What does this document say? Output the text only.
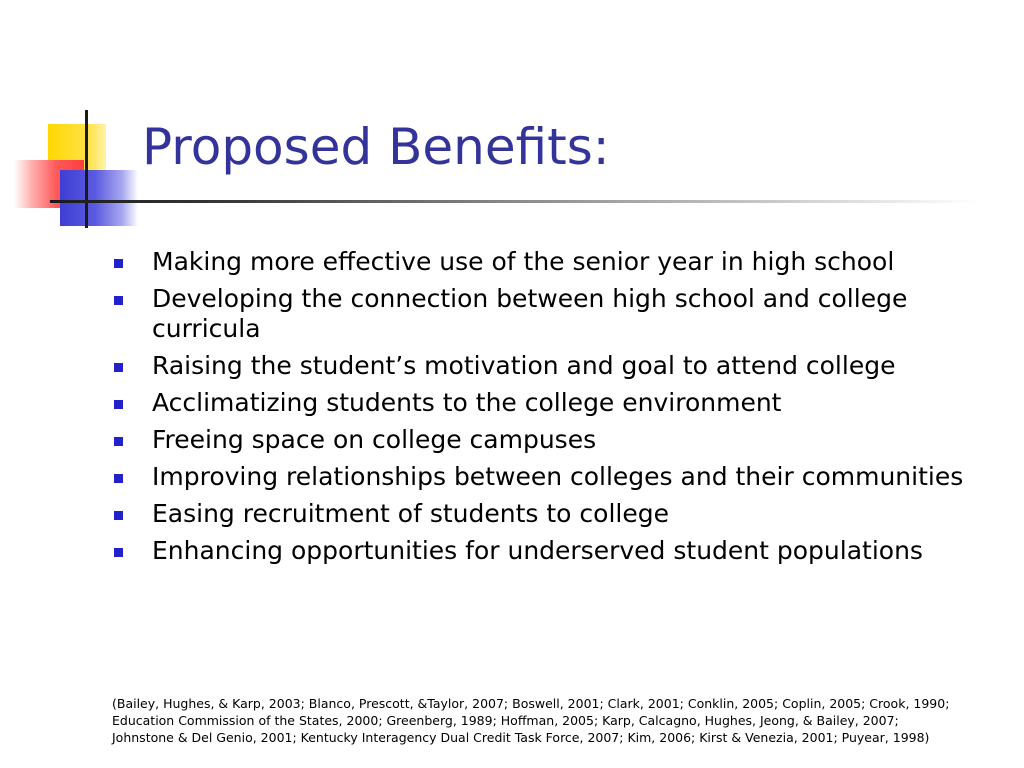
Proposed Benefits:
Making more effective use of the senior year in high school
Developing the connection between high school and college curricula
Raising the student’s motivation and goal to attend college
Acclimatizing students to the college environment
Freeing space on college campuses
Improving relationships between colleges and their communities
Easing recruitment of students to college
Enhancing opportunities for underserved student populations

(Bailey, Hughes, & Karp, 2003; Blanco, Prescott, &Taylor, 2007; Boswell, 2001; Clark, 2001; Conklin, 2005; Coplin, 2005; Crook, 1990; Education Commission of the States, 2000; Greenberg, 1989; Hoffman, 2005; Karp, Calcagno, Hughes, Jeong, & Bailey, 2007; Johnstone & Del Genio, 2001; Kentucky Interagency Dual Credit Task Force, 2007; Kim, 2006; Kirst & Venezia, 2001; Puyear, 1998)
